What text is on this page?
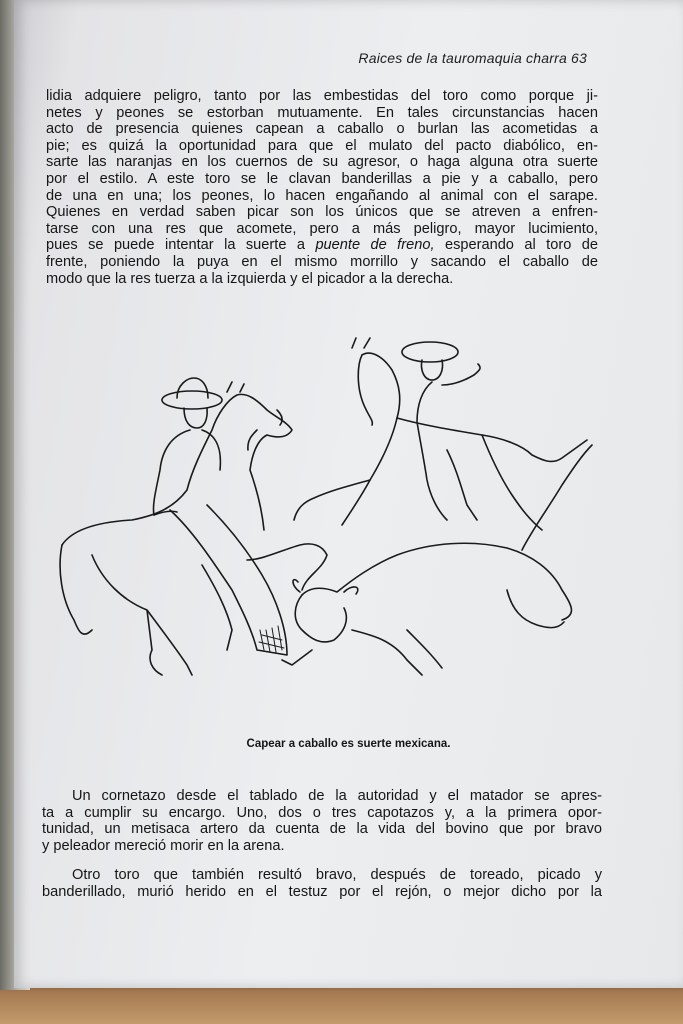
Raices de la tauromaquia charra 63
lidia adquiere peligro, tanto por las embestidas del toro como porque ji-
netes y peones se estorban mutuamente. En tales circunstancias hacen
acto de presencia quienes capean a caballo o burlan las acometidas a
pie; es quizá la oportunidad para que el mulato del pacto diabólico, en-
sarte las naranjas en los cuernos de su agresor, o haga alguna otra suerte
por el estilo. A este toro se le clavan banderillas a pie y a caballo, pero
de una en una; los peones, lo hacen engañando al animal con el sarape.
Quienes en verdad saben picar son los únicos que se atreven a enfren-
tarse con una res que acomete, pero a más peligro, mayor lucimiento,
pues se puede intentar la suerte a puente de freno, esperando al toro de
frente, poniendo la puya en el mismo morrillo y sacando el caballo de
modo que la res tuerza a la izquierda y el picador a la derecha.
Capear a caballo es suerte mexicana.
Un cornetazo desde el tablado de la autoridad y el matador se apres-
ta a cumplir su encargo. Uno, dos o tres capotazos y, a la primera opor-
tunidad, un metisaca artero da cuenta de la vida del bovino que por bravo
y peleador mereció morir en la arena.
Otro toro que también resultó bravo, después de toreado, picado y
banderillado, murió herido en el testuz por el rejón, o mejor dicho por la
